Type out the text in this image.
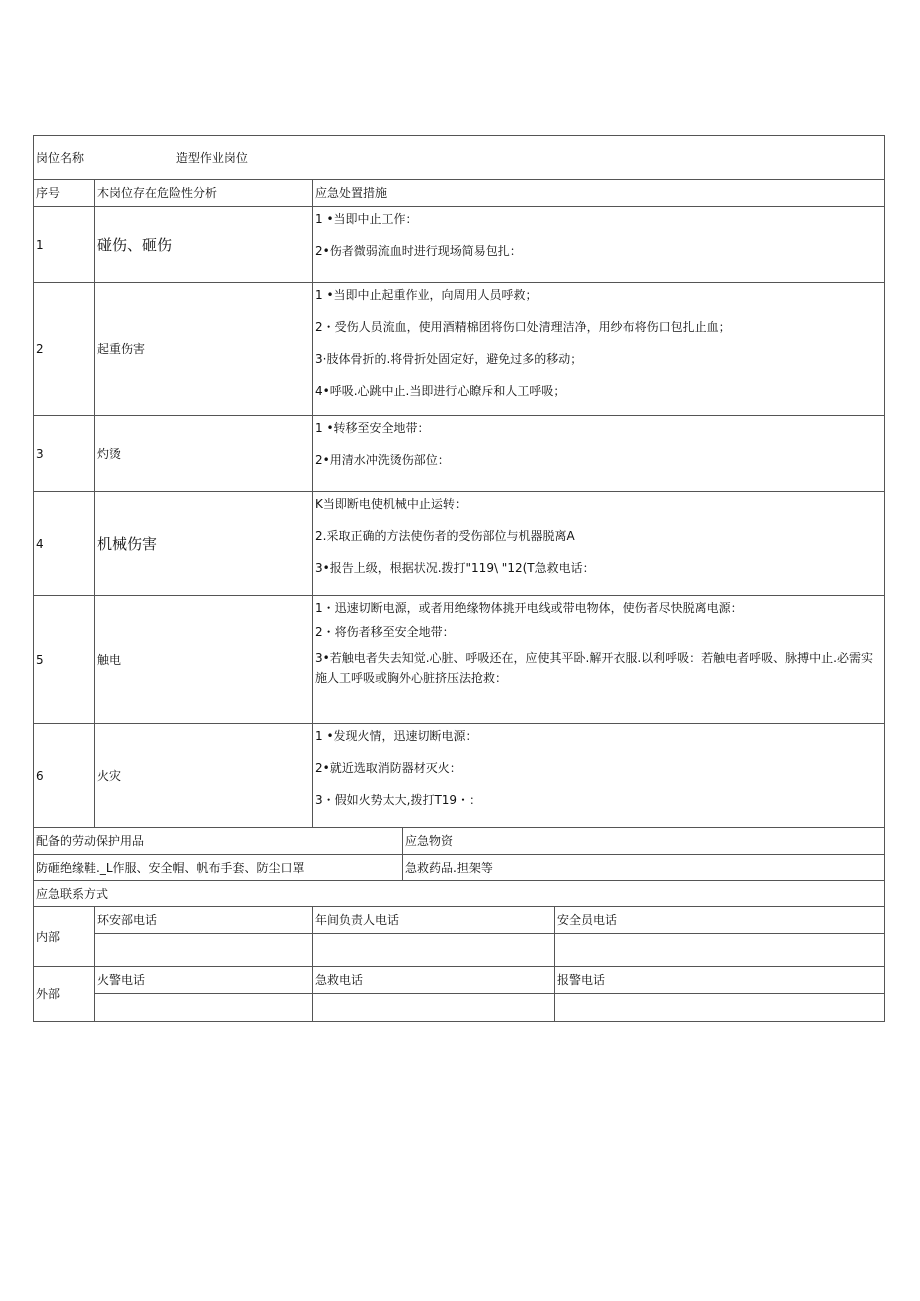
岗位名称 造型作业岗位				
序号	木岗位存在危险性分析	应急处置措施		
1	碰伤、砸伤	1 •当即中止工作：

2•伤者微弱流血时进行现场简易包扎：		

2	起重伤害	1 •当即中止起重作业，向周用人员呼救；

2・受伤人员流血，使用酒精棉团将伤口处清理洁净，用纱布将伤口包扎止血；

3·肢体骨折的.将骨折处固定好，避免过多的移动；

4•呼吸.心跳中止.当即进行心瞭斥和人工呼吸；		

3	灼烫	1 •转移至安全地带：

2•用清水冲洗烫伤部位：		

4	机械伤害	K当即断电使机械中止运转：

2.采取正确的方法使伤者的受伤部位与机器脱离A

3•报告上级，根据状况.拨打"119\ "12(T急救电话：		

5	触电	1・迅速切断电源，或者用绝缘物体挑开电线或带电物体，使伤者尽快脱离电源：

2・将伤者移至安全地带：

3•若触电者失去知觉.心脏、呼吸还在，应使其平卧.解开衣服.以利呼吸：若触电者呼吸、脉搏中止.必需实施人工呼吸或胸外心脏挤压法抢救：		

6	火灾	1 •发现火情，迅速切断电源：

2•就近选取消防器材灭火：

3・假如火势太大,拨打T19・：		

配备的劳动保护用品			应急物资	
防砸绝缘鞋._L作服、安全帽、帆布手套、防尘口罩			急救药品.担架等	
应急联系方式				
内部	环安部电话	年间负责人电话		安全员电话

外部	火警电话	急救电话		报警电话
